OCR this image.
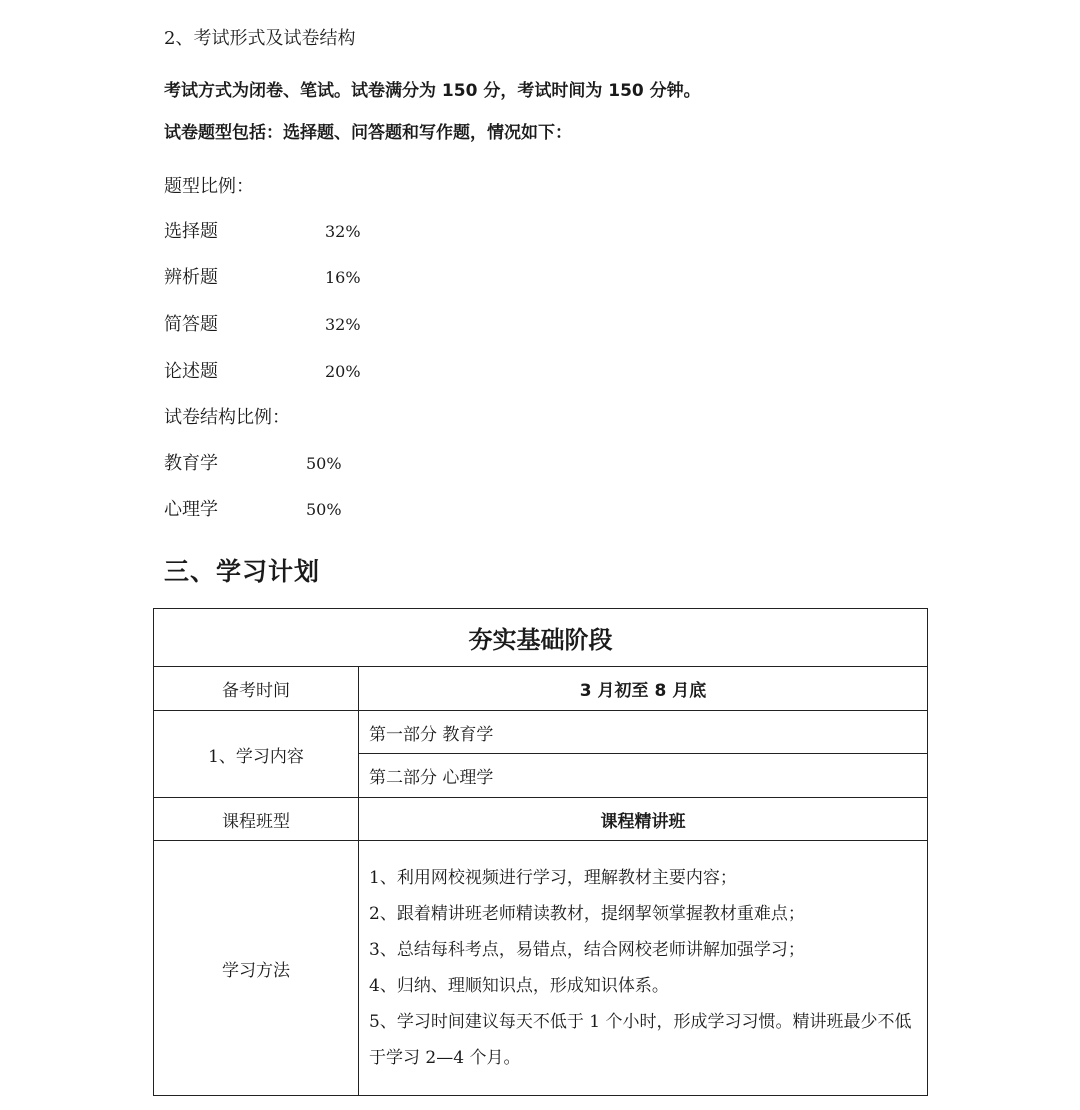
2、考试形式及试卷结构
考试方式为闭卷、笔试。试卷满分为 150 分，考试时间为 150 分钟。
试卷题型包括：选择题、问答题和写作题，情况如下：
题型比例：
选择题	32%
辨析题	16%
简答题	32%
论述题	20%
试卷结构比例：
教育学	50%
心理学	50%
三、学习计划
夯实基础阶段	
备考时间	3 月初至 8 月底
1、学习内容	第一部分 教育学
	第二部分 心理学
课程班型	课程精讲班
学习方法	1、利用网校视频进行学习，理解教材主要内容；
2、跟着精讲班老师精读教材，提纲挈领掌握教材重难点；
3、总结每科考点，易错点，结合网校老师讲解加强学习；
4、归纳、理顺知识点，形成知识体系。
5、学习时间建议每天不低于 1 个小时，形成学习习惯。精讲班最少不低于学习 2—4 个月。
